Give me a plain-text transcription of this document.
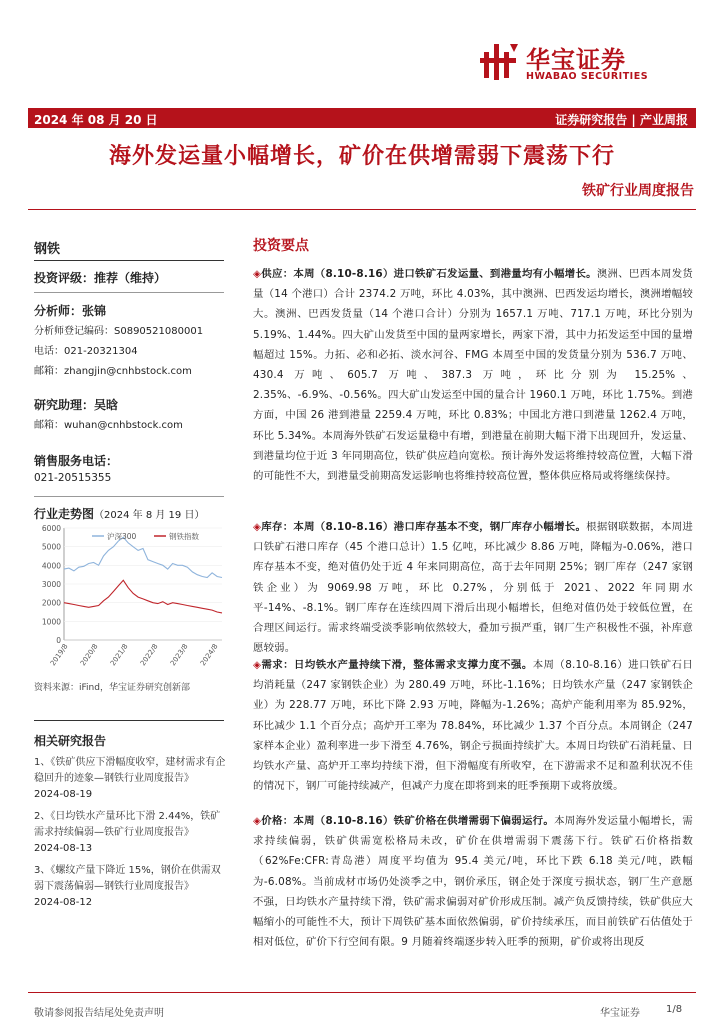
华宝证券
HWABAO SECURITIES
2024 年 08 月 20 日	证券研究报告 | 产业周报
海外发运量小幅增长，矿价在供增需弱下震荡下行
铁矿行业周度报告
钢铁
投资评级：推荐（维持）
分析师：张锦
分析师登记编码：S0890521080001
电话：021-20321304
邮箱：zhangjin@cnhbstock.com
研究助理：吴晗
邮箱：wuhan@cnhbstock.com
销售服务电话：
021-20515355
行业走势图（2024 年 8 月 19 日）
0
1000
2000
3000
4000
5000
6000
2019/8 2020/8 2021/8 2022/8 2023/8 2024/8
沪深300	钢铁指数
资料来源：iFind，华宝证券研究创新部
相关研究报告
1、《铁矿供应下滑幅度收窄，建材需求有企稳回升的迹象—钢铁行业周度报告》
2024-08-19
2、《日均铁水产量环比下滑 2.44%，铁矿需求持续偏弱—铁矿行业周度报告》
2024-08-13
3、《螺纹产量下降近 15%，钢价在供需双弱下震荡偏弱—钢铁行业周度报告》
2024-08-12
投资要点
◈供应：本周（8.10-8.16）进口铁矿石发运量、到港量均有小幅增长。澳洲、巴西本周发货量（14 个港口）合计 2374.2 万吨，环比 4.03%，其中澳洲、巴西发运均增长，澳洲增幅较大。澳洲、巴西发货量（14 个港口合计）分别为 1657.1 万吨、717.1 万吨，环比分别为 5.19%、1.44%。四大矿山发货至中国的量两家增长，两家下滑，其中力拓发运至中国的量增幅超过 15%。力拓、必和必拓、淡水河谷、FMG 本周至中国的发货量分别为 536.7 万吨、430.4 万吨、605.7 万吨、387.3 万吨，环比分别为 15.25%、2.35%、-6.9%、-0.56%。四大矿山发运至中国的量合计 1960.1 万吨，环比 1.75%。到港方面，中国 26 港到港量 2259.4 万吨，环比 0.83%；中国北方港口到港量 1262.4 万吨，环比 5.34%。本周海外铁矿石发运量稳中有增，到港量在前期大幅下滑下出现回升，发运量、到港量均位于近 3 年同期高位，铁矿供应趋向宽松。预计海外发运将维持较高位置，大幅下滑的可能性不大，到港量受前期高发运影响也将维持较高位置，整体供应格局或将继续保持。
◈库存：本周（8.10-8.16）港口库存基本不变，钢厂库存小幅增长。根据钢联数据，本周进口铁矿石港口库存（45 个港口总计）1.5 亿吨，环比减少 8.86 万吨，降幅为-0.06%，港口库存基本不变，绝对值仍处于近 4 年来同期高位，高于去年同期 25%；钢厂库存（247 家钢铁企业）为 9069.98 万吨，环比 0.27%，分别低于 2021、2022 年同期水平-14%、-8.1%。钢厂库存在连续四周下滑后出现小幅增长，但绝对值仍处于较低位置，在合理区间运行。需求终端受淡季影响依然较大，叠加亏损严重，钢厂生产积极性不强，补库意愿较弱。
◈需求：日均铁水产量持续下滑，整体需求支撑力度不强。本周（8.10-8.16）进口铁矿石日均消耗量（247 家钢铁企业）为 280.49 万吨，环比-1.16%；日均铁水产量（247 家钢铁企业）为 228.77 万吨，环比下降 2.93 万吨，降幅为-1.26%；高炉产能利用率为 85.92%，环比减少 1.1 个百分点；高炉开工率为 78.84%，环比减少 1.37 个百分点。本周钢企（247 家样本企业）盈利率进一步下滑至 4.76%，钢企亏损面持续扩大。本周日均铁矿石消耗量、日均铁水产量、高炉开工率均持续下滑，但下滑幅度有所收窄，在下游需求不足和盈利状况不佳的情况下，钢厂可能持续减产，但减产力度在即将到来的旺季预期下或将放缓。
◈价格：本周（8.10-8.16）铁矿价格在供增需弱下偏弱运行。本周海外发运量小幅增长，需求持续偏弱，铁矿供需宽松格局未改，矿价在供增需弱下震荡下行。铁矿石价格指数（62%Fe:CFR:青岛港）周度平均值为 95.4 美元/吨，环比下跌 6.18 美元/吨，跌幅为-6.08%。当前成材市场仍处淡季之中，钢价承压，钢企处于深度亏损状态，钢厂生产意愿不强，日均铁水产量持续下滑，铁矿需求偏弱对矿价形成压制。减产负反馈持续，铁矿供应大幅缩小的可能性不大，预计下周铁矿基本面依然偏弱，矿价持续承压，而目前铁矿石估值处于相对低位，矿价下行空间有限。9 月随着终端逐步转入旺季的预期，矿价或将出现反
敬请参阅报告结尾处免责声明	华宝证券	1/8
